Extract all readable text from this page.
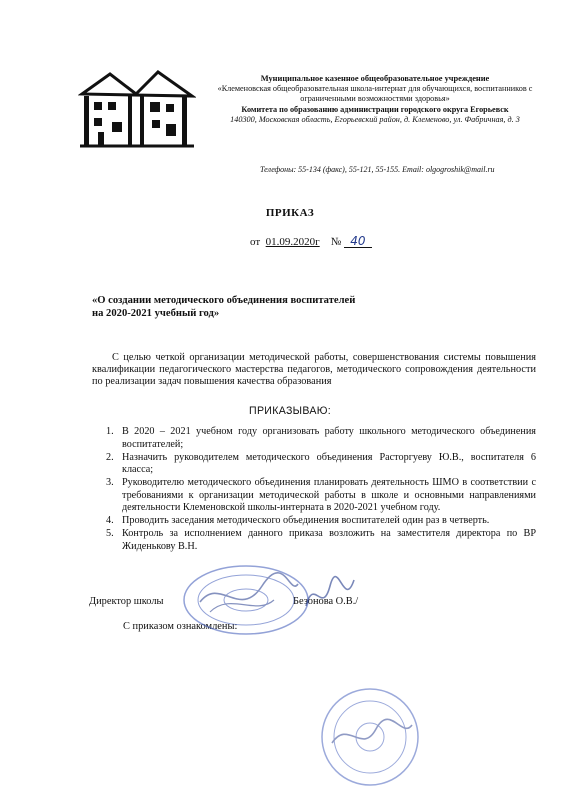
Муниципальное казенное общеобразовательное учреждение
«Клеменовская общеобразовательная школа-интернат для обучающихся, воспитанников с
ограниченными возможностями здоровья»
Комитета по образованию администрации городского округа Егорьевск
140300, Московская область, Егорьевский район, д. Клеменово, ул. Фабричная, д. 3
Телефоны: 55-134 (факс), 55-121, 55-155. Email: olgogroshik@mail.ru
ПРИКАЗ
от 01.09.2020г № 40
«О создании методического объединения воспитателей
на 2020-2021 учебный год»
С целью четкой организации методической работы, совершенствования системы повышения квалификации педагогического мастерства педагогов, методического сопровождения деятельности по реализации задач повышения качества образования
ПРИКАЗЫВАЮ:
1. В 2020 – 2021 учебном году организовать работу школьного методического объединения воспитателей;
2. Назначить руководителем методического объединения Расторгуеву Ю.В., воспитателя 6 класса;
3. Руководителю методического объединения планировать деятельность ШМО в соответствии с требованиями к организации методической работы в школе и основными направлениями деятельности Клеменовской школы-интерната в 2020-2021 учебном году.
4. Проводить заседания методического объединения воспитателей один раз в четверть.
5. Контроль за исполнением данного приказа возложить на заместителя директора по ВР Жиденькову В.Н.
Директор школы	Безонова О.В./
С приказом ознакомлены:
